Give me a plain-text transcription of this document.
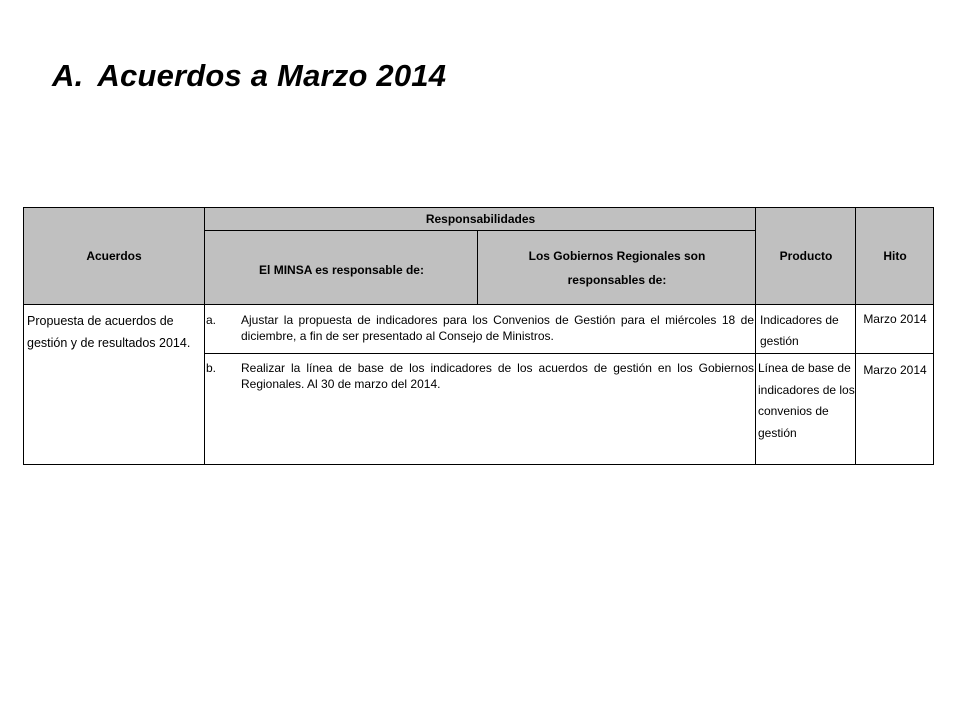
A. Acuerdos a Marzo 2014
Acuerdos
Responsabilidades
El MINSA es responsable de:
Los Gobiernos Regionales son responsables de:
Producto	Hito
Propuesta de acuerdos de gestión y de resultados 2014.
a. Ajustar la propuesta de indicadores para los Convenios de Gestión para el miércoles 18 de diciembre, a fin de ser presentado al Consejo de Ministros.
Indicadores de gestión
Marzo 2014
b. Realizar la línea de base de los indicadores de los acuerdos de gestión en los Gobiernos Regionales. Al 30 de marzo del 2014.
Línea de base de indicadores de los convenios de gestión
Marzo 2014
